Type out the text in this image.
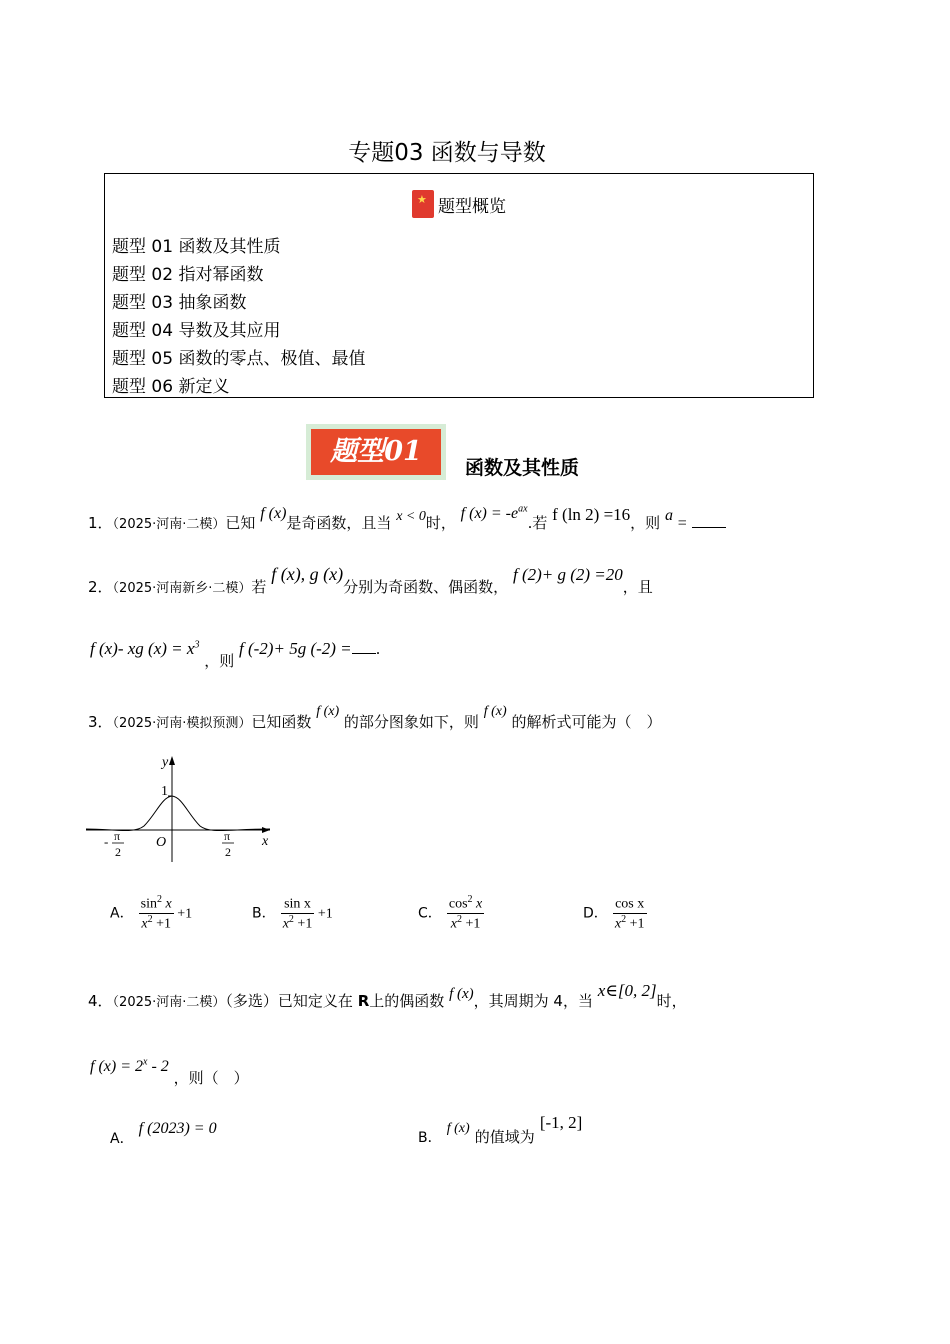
专题03 函数与导数
★ 题型概览
题型 01 函数及其性质
题型 02 指对幂函数
题型 03 抽象函数
题型 04 导数及其应用
题型 05 函数的零点、极值、最值
题型 06 新定义
题型01
函数及其性质
1．（2025·河南·二模）已知 f (x)是奇函数，且当 x < 0时， f $(x) = -e^{ax}$.若 f (ln 2) =16，则 a =
2．（2025·河南新乡·二模）若 f (x), g (x)分别为奇函数、偶函数， f (2)+ g (2) =20，且
f (x)- xg $(x) = x^3$ ，则 f (-2)+ 5g (-2) = .
3．（2025·河南·模拟预测）已知函数 f (x) 的部分图象如下，则 f (x) 的解析式可能为（　）
y
x
O
1
- π
2
π
2
A． $\frac{\sin^2 x}{x^2 +1} +1$	B． $\frac{\text{sin x}}{x^2 +1} +1$	C． $\frac{\cos^2 x}{x^2 +1}$	D． $\frac{\text{cos x}}{x^2 +1}$
4．（2025·河南·二模）（多选）已知定义在 R上的偶函数 f (x)，其周期为 4，当 x∈[0, 2]时，
f $(x) = 2^x - 2$ ，则（　）
A． f (2023) = 0
B． f (x) 的值域为 [-1, 2]
